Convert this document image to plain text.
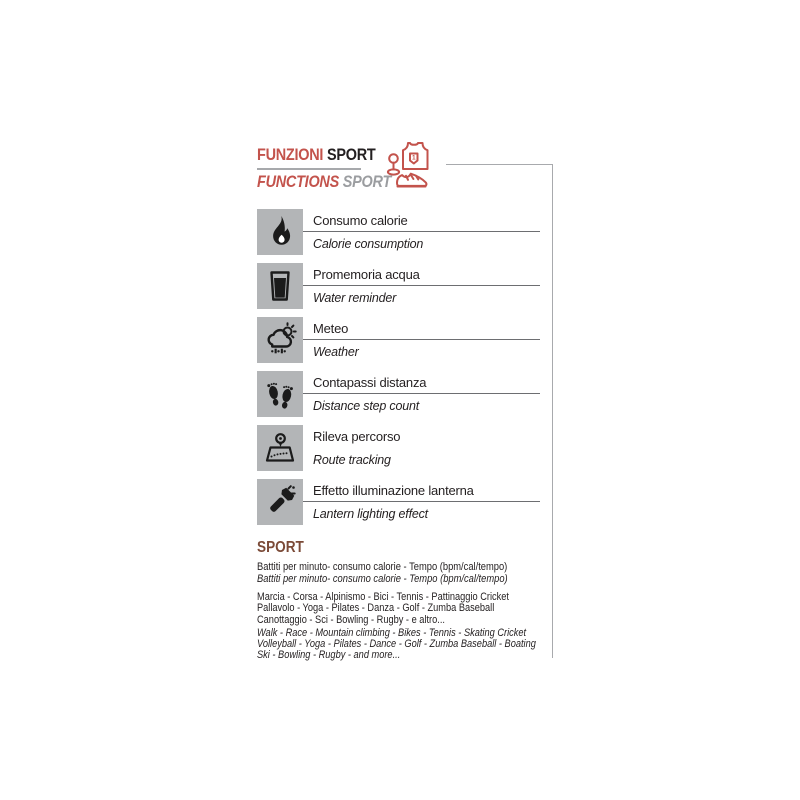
FUNZIONI SPORT
FUNCTIONS SPORT
1
Consumo calorie
Calorie consumption
Promemoria acqua
Water reminder
Meteo
Weather
Contapassi distanza
Distance step count
Rileva percorso
Route tracking
Effetto illuminazione lanterna
Lantern lighting effect
SPORT
Battiti per minuto- consumo calorie - Tempo (bpm/cal/tempo)
Battiti per minuto- consumo calorie - Tempo (bpm/cal/tempo)
Marcia - Corsa - Alpinismo - Bici - Tennis - Pattinaggio Cricket
Pallavolo - Yoga - Pilates - Danza - Golf - Zumba Baseball
Canottaggio - Sci - Bowling - Rugby - e altro...
Walk - Race - Mountain climbing - Bikes - Tennis - Skating Cricket
Volleyball - Yoga - Pilates - Dance - Golf - Zumba Baseball - Boating
Ski - Bowling - Rugby - and more...
